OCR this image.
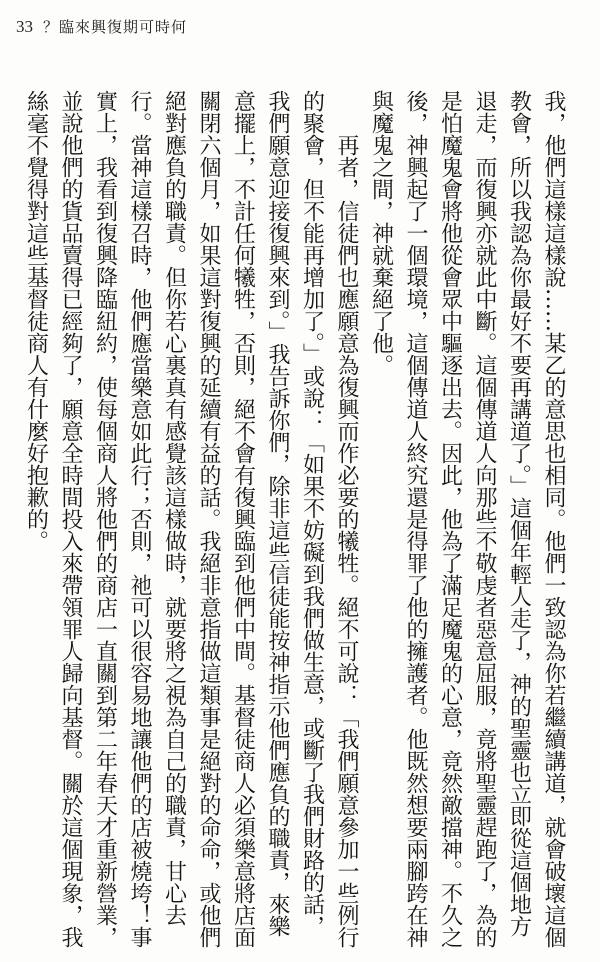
33 ？臨來興復期可時何

我，他們這樣這樣說……某乙的意思也相同。他們一致認為你若繼續講道，就會破壞這個教會，所以我認為你最好不要再講道了。」這個年輕人走了，神的聖靈也立即從這個地方退走，而復興亦就此中斷。這個傳道人向那些不敬虔者惡意屈服，竟將聖靈趕跑了，為的是怕魔鬼會將他從會眾中驅逐出去。因此，他為了滿足魔鬼的心意，竟然敵擋神。不久之後，神興起了一個環境，這個傳道人終究還是得罪了他的擁護者。他既然想要兩腳跨在神與魔鬼之間，神就棄絕了他。

再者，信徒們也應願意為復興而作必要的犧牲。絕不可說：「我們願意參加一些例行的聚會，但不能再增加了。」或說：「如果不妨礙到我們做生意，或斷了我們財路的話，我們願意迎接復興來到。」我告訴你們，除非這些信徒能按神指示他們應負的職責，來樂意擺上，不計任何犧牲，否則，絕不會有復興臨到他們中間。基督徒商人必須樂意將店面關閉六個月，如果這對復興的延續有益的話。我絕非意指做這類事是絕對的命命，或他們絕對應負的職責。但你若心裏真有感覺該這樣做時，就要將之視為自己的職責，甘心去行。當神這樣召時，他們應當樂意如此行；否則，祂可以很容易地讓他們的店被燒垮！事實上，我看到復興降臨紐約，使每個商人將他們的商店一直關到第二年春天才重新營業，並說他們的貨品賣得已經夠了，願意全時間投入來帶領罪人歸向基督。關於這個現象，我絲毫不覺得對這些基督徒商人有什麼好抱歉的。
